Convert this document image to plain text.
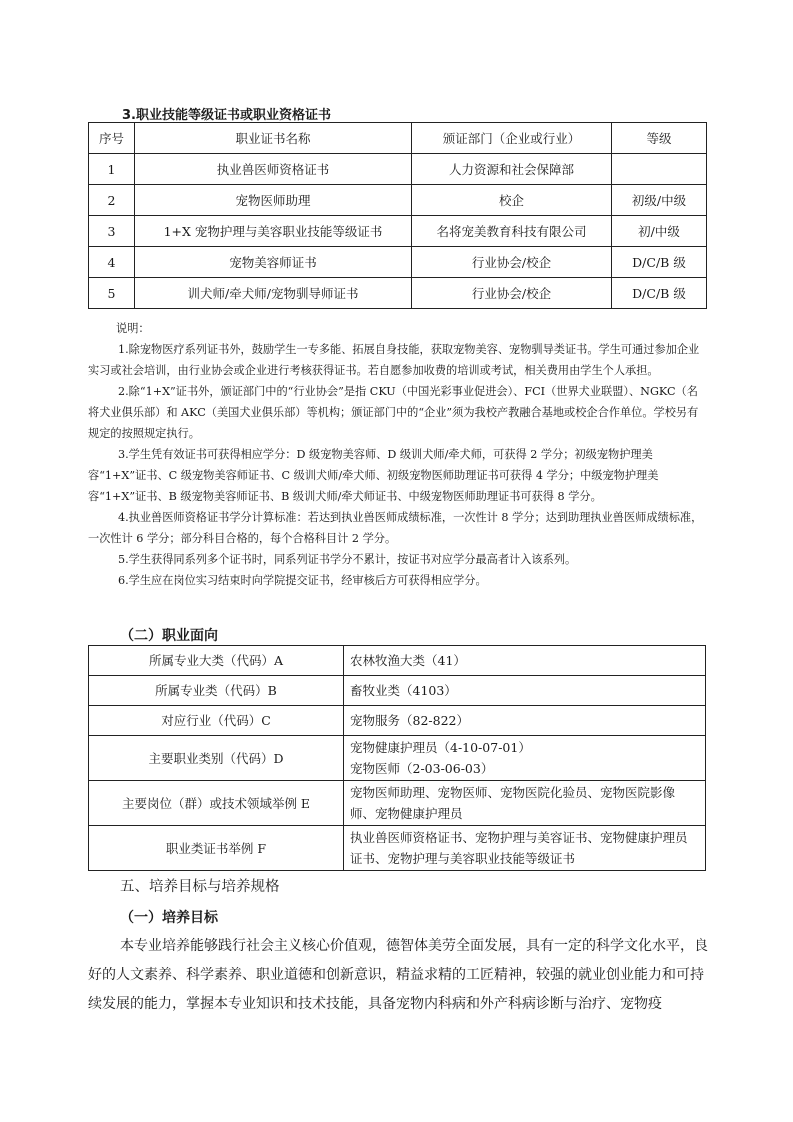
3.职业技能等级证书或职业资格证书
序号	职业证书名称	颁证部门（企业或行业）	等级
1	执业兽医师资格证书	人力资源和社会保障部	
2	宠物医师助理	校企	初级/中级
3	1+X 宠物护理与美容职业技能等级证书	名将宠美教育科技有限公司	初/中级
4	宠物美容师证书	行业协会/校企	D/C/B 级
5	训犬师/牵犬师/宠物驯导师证书	行业协会/校企	D/C/B 级
说明：

1.除宠物医疗系列证书外，鼓励学生一专多能、拓展自身技能，获取宠物美容、宠物驯导类证书。学生可通过参加企业实习或社会培训，由行业协会或企业进行考核获得证书。若自愿参加收费的培训或考试，相关费用由学生个人承担。

2.除“1+X”证书外，颁证部门中的“行业协会”是指 CKU（中国光彩事业促进会）、FCI（世界犬业联盟）、NGKC（名将犬业俱乐部）和 AKC（美国犬业俱乐部）等机构；颁证部门中的“企业”须为我校产教融合基地或校企合作单位。学校另有规定的按照规定执行。

3.学生凭有效证书可获得相应学分：D 级宠物美容师、D 级训犬师/牵犬师，可获得 2 学分；初级宠物护理美容“1+X”证书、C 级宠物美容师证书、C 级训犬师/牵犬师、初级宠物医师助理证书可获得 4 学分；中级宠物护理美容“1+X”证书、B 级宠物美容师证书、B 级训犬师/牵犬师证书、中级宠物医师助理证书可获得 8 学分。

4.执业兽医师资格证书学分计算标准：若达到执业兽医师成绩标准，一次性计 8 学分；达到助理执业兽医师成绩标准，一次性计 6 学分；部分科目合格的，每个合格科目计 2 学分。

5.学生获得同系列多个证书时，同系列证书学分不累计，按证书对应学分最高者计入该系列。

6.学生应在岗位实习结束时向学院提交证书，经审核后方可获得相应学分。

（二）职业面向
所属专业大类（代码）A	农林牧渔大类（41）

所属专业类（代码）B	畜牧业类（4103）

对应行业（代码）C	宠物服务（82-822）

主要职业类别（代码）D	宠物健康护理员（4-10-07-01）
宠物医师（2-03-06-03）

主要岗位（群）或技术领域举例 E	宠物医师助理、宠物医师、宠物医院化验员、宠物医院影像师、宠物健康护理员

职业类证书举例 F	执业兽医师资格证书、宠物护理与美容证书、宠物健康护理员证书、宠物护理与美容职业技能等级证书
五、培养目标与培养规格
（一）培养目标

本专业培养能够践行社会主义核心价值观，德智体美劳全面发展，具有一定的科学文化水平，良好的人文素养、科学素养、职业道德和创新意识，精益求精的工匠精神，较强的就业创业能力和可持续发展的能力，掌握本专业知识和技术技能，具备宠物内科病和外产科病诊断与治疗、宠物疫
